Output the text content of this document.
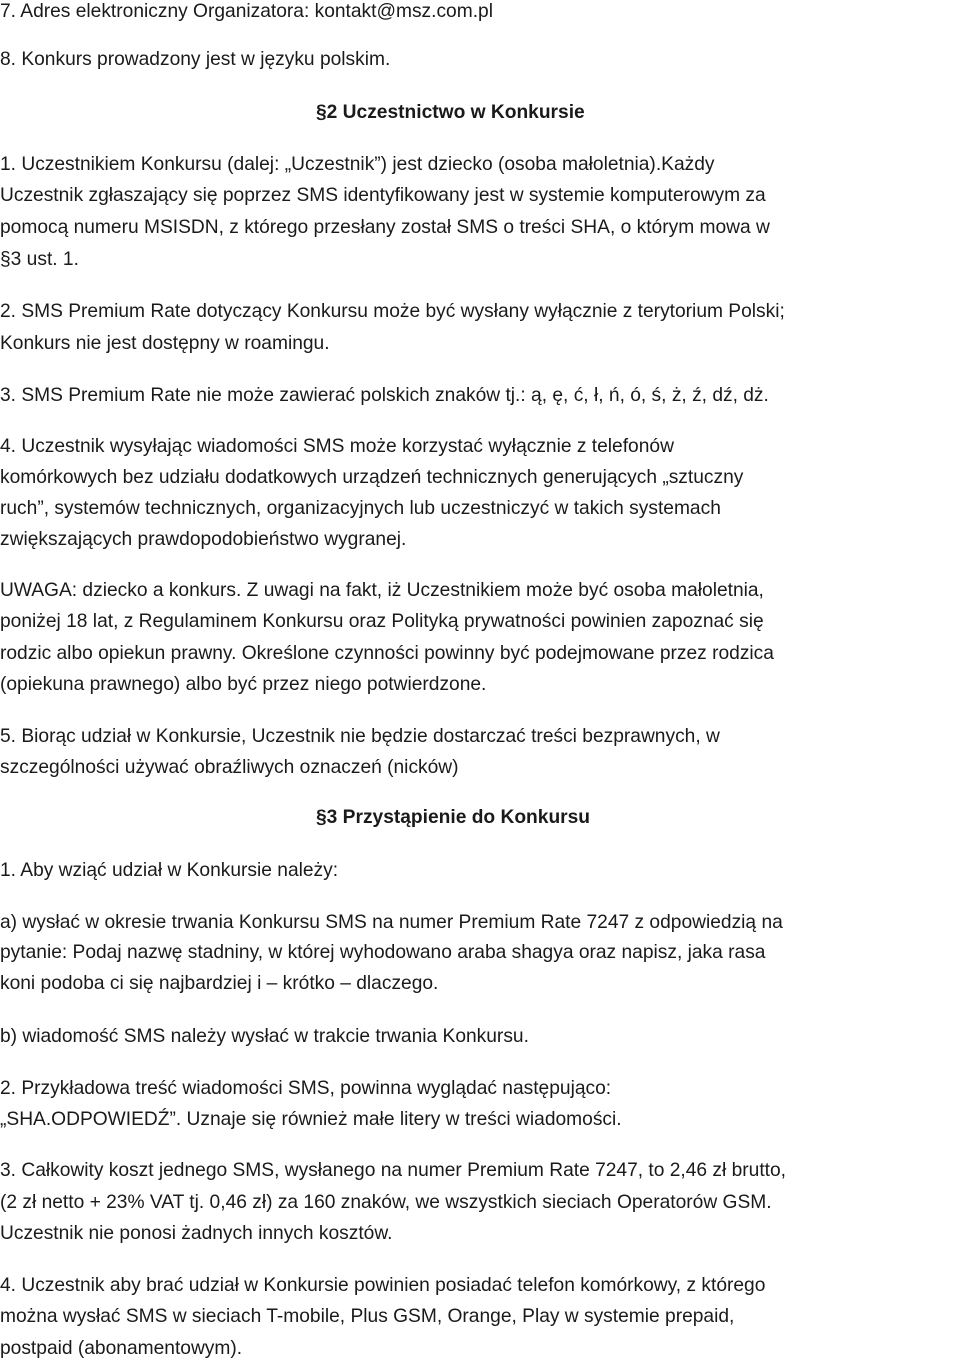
7. Adres elektroniczny Organizatora: kontakt@msz.com.pl
8. Konkurs prowadzony jest w języku polskim.
§2 Uczestnictwo w Konkursie
1. Uczestnikiem Konkursu (dalej: „Uczestnik”) jest dziecko (osoba małoletnia).Każdy
Uczestnik zgłaszający się poprzez SMS identyfikowany jest w systemie komputerowym za
pomocą numeru MSISDN, z którego przesłany został SMS o treści SHA, o którym mowa w
§3 ust. 1.
2. SMS Premium Rate dotyczący Konkursu może być wysłany wyłącznie z terytorium Polski;
Konkurs nie jest dostępny w roamingu.
3. SMS Premium Rate nie może zawierać polskich znaków tj.: ą, ę, ć, ł, ń, ó, ś, ż, ź, dź, dż.
4. Uczestnik wysyłając wiadomości SMS może korzystać wyłącznie z telefonów
komórkowych bez udziału dodatkowych urządzeń technicznych generujących „sztuczny
ruch”, systemów technicznych, organizacyjnych lub uczestniczyć w takich systemach
zwiększających prawdopodobieństwo wygranej.
UWAGA: dziecko a konkurs. Z uwagi na fakt, iż Uczestnikiem może być osoba małoletnia,
poniżej 18 lat, z Regulaminem Konkursu oraz Polityką prywatności powinien zapoznać się
rodzic albo opiekun prawny. Określone czynności powinny być podejmowane przez rodzica
(opiekuna prawnego) albo być przez niego potwierdzone.
5. Biorąc udział w Konkursie, Uczestnik nie będzie dostarczać treści bezprawnych, w
szczególności używać obraźliwych oznaczeń (nicków)
§3 Przystąpienie do Konkursu
1. Aby wziąć udział w Konkursie należy:
a) wysłać w okresie trwania Konkursu SMS na numer Premium Rate 7247 z odpowiedzią na
pytanie: Podaj nazwę stadniny, w której wyhodowano araba shagya oraz napisz, jaka rasa
koni podoba ci się najbardziej i – krótko – dlaczego.
b) wiadomość SMS należy wysłać w trakcie trwania Konkursu.
2. Przykładowa treść wiadomości SMS, powinna wyglądać następująco:
„SHA.ODPOWIEDŹ”. Uznaje się również małe litery w treści wiadomości.
3. Całkowity koszt jednego SMS, wysłanego na numer Premium Rate 7247, to 2,46 zł brutto,
(2 zł netto + 23% VAT tj. 0,46 zł) za 160 znaków, we wszystkich sieciach Operatorów GSM.
Uczestnik nie ponosi żadnych innych kosztów.
4. Uczestnik aby brać udział w Konkursie powinien posiadać telefon komórkowy, z którego
można wysłać SMS w sieciach T-mobile, Plus GSM, Orange, Play w systemie prepaid,
postpaid (abonamentowym).
